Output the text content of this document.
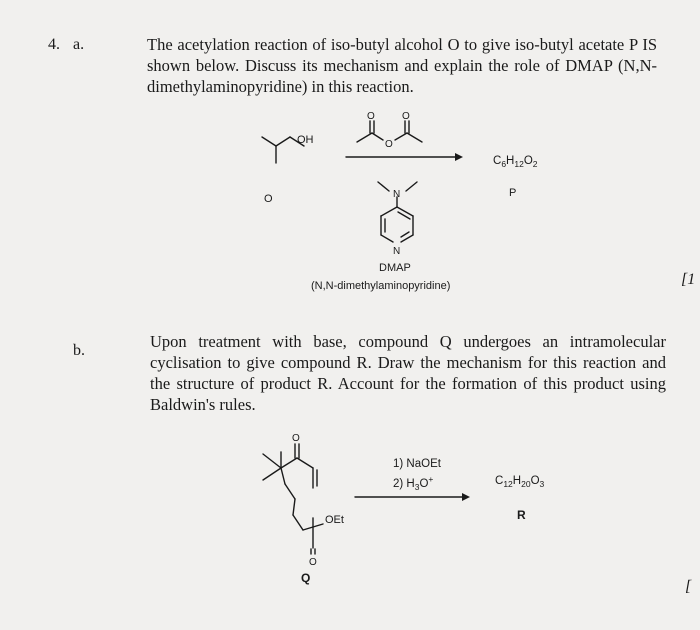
4. a.	The acetylation reaction of iso-butyl alcohol O to give iso-butyl acetate P IS shown below. Discuss its mechanism and explain the role of DMAP (N,N-dimethylaminopyridine) in this reaction.
OH
O
O	O
O
N
N
$C_6H_{12}O_2$
P
DMAP
(N,N-dimethylaminopyridine)	[1
b.	Upon treatment with base, compound Q undergoes an intramolecular cyclisation to give compound R. Draw the mechanism for this reaction and the structure of product R. Account for the formation of this product using Baldwin's rules.
O
OEt
O
Q
1) NaOEt
2) $H_3O^+$	$C_{12}H_{20}O_3$
R
[
